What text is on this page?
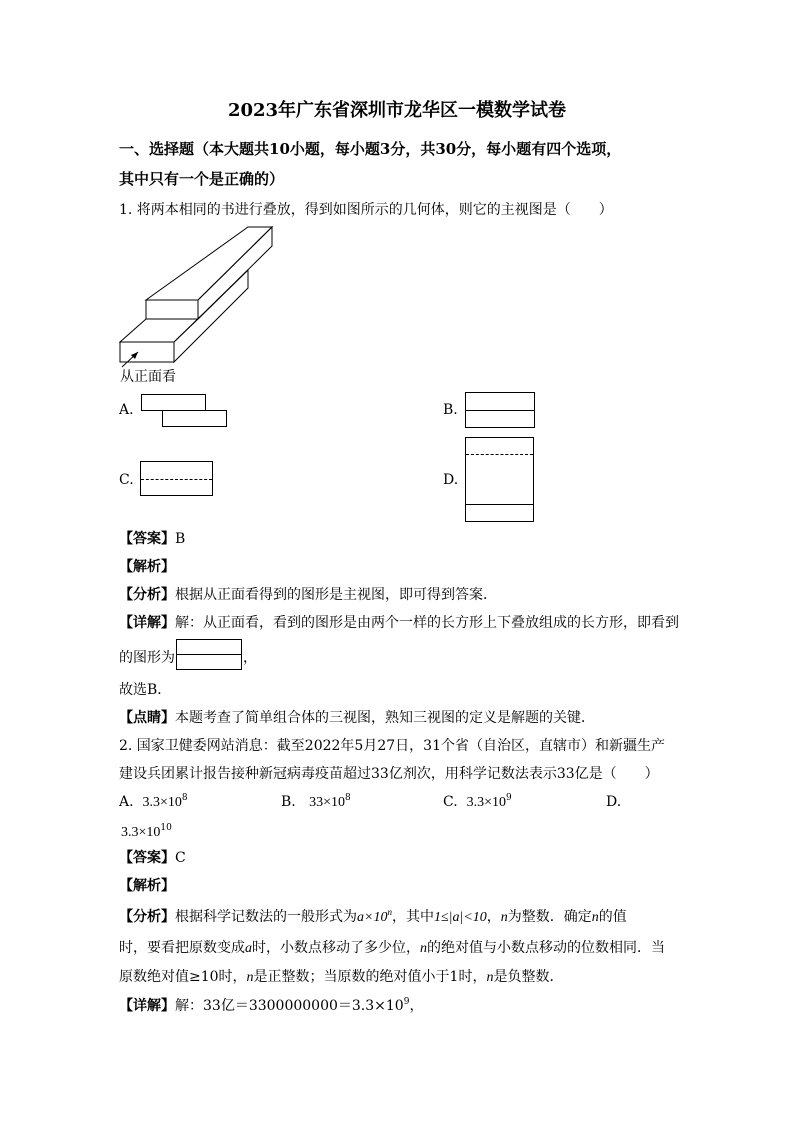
2023年广东省深圳市龙华区一模数学试卷
一、选择题（本大题共10小题，每小题3分，共30分，每小题有四个选项，
其中只有一个是正确的）
1. 将两本相同的书进行叠放，得到如图所示的几何体，则它的主视图是（　　）
从正面看
A.	B.
C.	D.
【答案】B
【解析】
【分析】根据从正面看得到的图形是主视图，即可得到答案．
【详解】解：从正面看，看到的图形是由两个一样的长方形上下叠放组成的长方形，即看到
的图形为	，
故选B．
【点睛】本题考查了简单组合体的三视图，熟知三视图的定义是解题的关键．
2. 国家卫健委网站消息：截至2022年5月27日，31个省（自治区，直辖市）和新疆生产
建设兵团累计报告接种新冠病毒疫苗超过33亿剂次，用科学记数法表示33亿是（　　）
A. $3.3\times 10^8$	B. $33\times 10^8$	C. $3.3\times 10^9$	D.
$3.3\times 10^{10}$
【答案】C
【解析】
【分析】根据科学记数法的一般形式为$a\times 10^n$，其中1≤|a|<10，n为整数．确定n的值
时，要看把原数变成a时，小数点移动了多少位，n的绝对值与小数点移动的位数相同．当
原数绝对值≥10时，n是正整数；当原数的绝对值小于1时，n是负整数．
【详解】解：33亿$=3300000000=3.3\times 10^9$，
